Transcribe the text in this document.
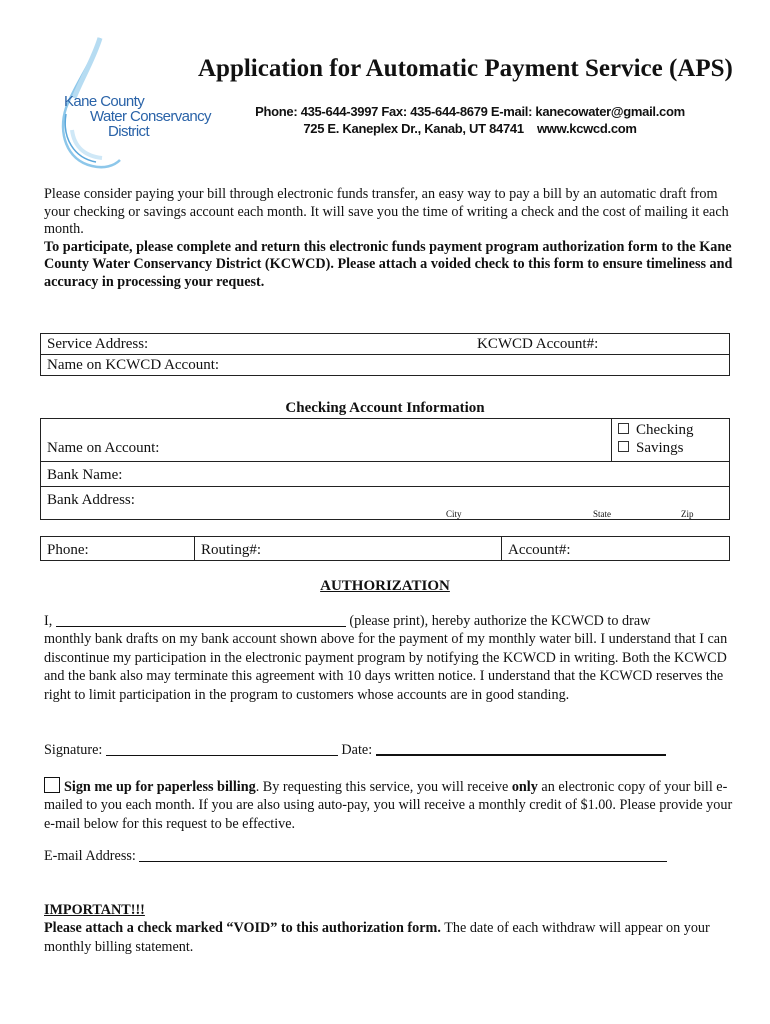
Kane County
Water Conservancy
District
Application for Automatic Payment Service (APS)
Phone: 435-644-3997 Fax: 435-644-8679 E-mail: kanecowater@gmail.com
725 E. Kaneplex Dr., Kanab, UT 84741    www.kcwcd.com
Please consider paying your bill through electronic funds transfer, an easy way to pay a bill by an automatic draft from your checking or savings account each month. It will save you the time of writing a check and the cost of mailing it each month.
To participate, please complete and return this electronic funds payment program authorization form to the Kane County Water Conservancy District (KCWCD). Please attach a voided check to this form to ensure timeliness and accuracy in processing your request.
Service Address:	KCWCD Account#:
Name on KCWCD Account:
Checking Account Information
Name on Account:
Checking
Savings
Bank Name:
Bank Address:
City	State	Zip
Phone:	Routing#:	Account#:
AUTHORIZATION
I,	(please print), hereby authorize the KCWCD to draw
monthly bank drafts on my bank account shown above for the payment of my monthly water bill. I understand that I can discontinue my participation in the electronic payment program by notifying the KCWCD in writing. Both the KCWCD and the bank also may terminate this agreement with 10 days written notice. I understand that the KCWCD reserves the right to limit participation in the program to customers whose accounts are in good standing.
Signature:	Date:
Sign me up for paperless billing. By requesting this service, you will receive only an electronic copy of your bill e-mailed to you each month. If you are also using auto-pay, you will receive a monthly credit of $1.00. Please provide your e-mail below for this request to be effective.
E-mail Address:
IMPORTANT!!!
Please attach a check marked “VOID” to this authorization form. The date of each withdraw will appear on your monthly billing statement.
